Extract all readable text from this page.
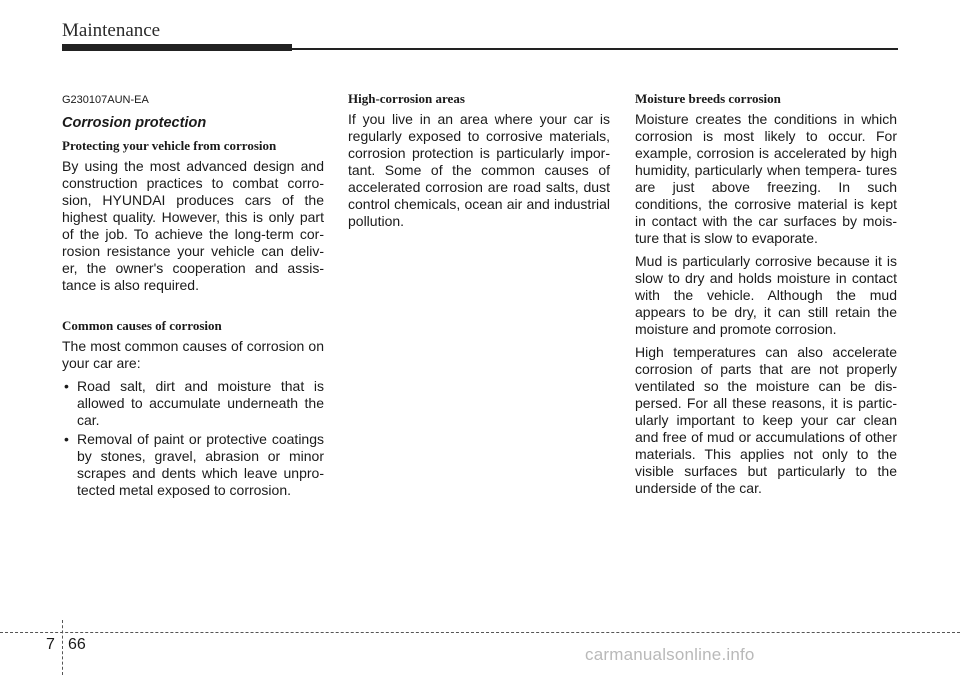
Maintenance
G230107AUN-EA
Corrosion protection
Protecting your vehicle from corrosion

By using the most advanced design and construction practices to combat corro- sion, HYUNDAI produces cars of the highest quality. However, this is only part of the job. To achieve the long-term cor- rosion resistance your vehicle can deliv- er, the owner's cooperation and assis- tance is also required.

Common causes of corrosion

The most common causes of corrosion on your car are:

• Road salt, dirt and moisture that is allowed to accumulate underneath the car.
• Removal of paint or protective coatings by stones, gravel, abrasion or minor scrapes and dents which leave unpro- tected metal exposed to corrosion.
High-corrosion areas

If you live in an area where your car is regularly exposed to corrosive materials, corrosion protection is particularly impor- tant. Some of the common causes of accelerated corrosion are road salts, dust control chemicals, ocean air and industrial pollution.

Moisture breeds corrosion

Moisture creates the conditions in which corrosion is most likely to occur. For example, corrosion is accelerated by high humidity, particularly when tempera- tures are just above freezing. In such conditions, the corrosive material is kept in contact with the car surfaces by mois- ture that is slow to evaporate.

Mud is particularly corrosive because it is slow to dry and holds moisture in contact with the vehicle. Although the mud appears to be dry, it can still retain the moisture and promote corrosion.

High temperatures can also accelerate corrosion of parts that are not properly ventilated so the moisture can be dis- persed. For all these reasons, it is partic- ularly important to keep your car clean and free of mud or accumulations of other materials. This applies not only to the visible surfaces but particularly to the underside of the car.

7 66
carmanualsonline.info
